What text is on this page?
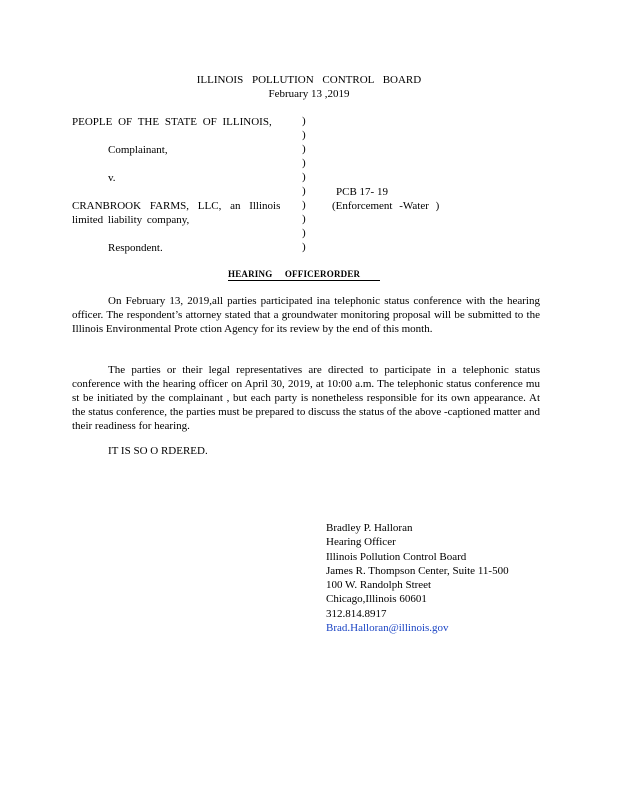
ILLINOIS POLLUTION CONTROL BOARD
February 13 ,2019
PEOPLE OF THE STATE OF ILLINOIS,
Complainant,
v.
CRANBROOK FARMS, LLC, an Illinois
limited liability company,
Respondent.
)
)
)
)
)
)
)
)
)
)
PCB 17- 19
(Enforcement -Water )
HEARING OFFICERORDER
On February 13, 2019,all parties participated ina telephonic status conference with the hearing officer. The respondent’s attorney stated that a groundwater monitoring proposal will be submitted to the Illinois Environmental Prote ction Agency for its review by the end of this month.
The parties or their legal representatives are directed to participate in a telephonic status conference with the hearing officer on April 30, 2019, at 10:00 a.m. The telephonic status conference mu st be initiated by the complainant , but each party is nonetheless responsible for its own appearance. At the status conference, the parties must be prepared to discuss the status of the above -captioned matter and their readiness for hearing.
IT IS SO O RDERED.
Bradley P. Halloran
Hearing Officer
Illinois Pollution Control Board
James R. Thompson Center, Suite 11-500
100 W. Randolph Street
Chicago,Illinois 60601
312.814.8917
Brad.Halloran@illinois.gov
